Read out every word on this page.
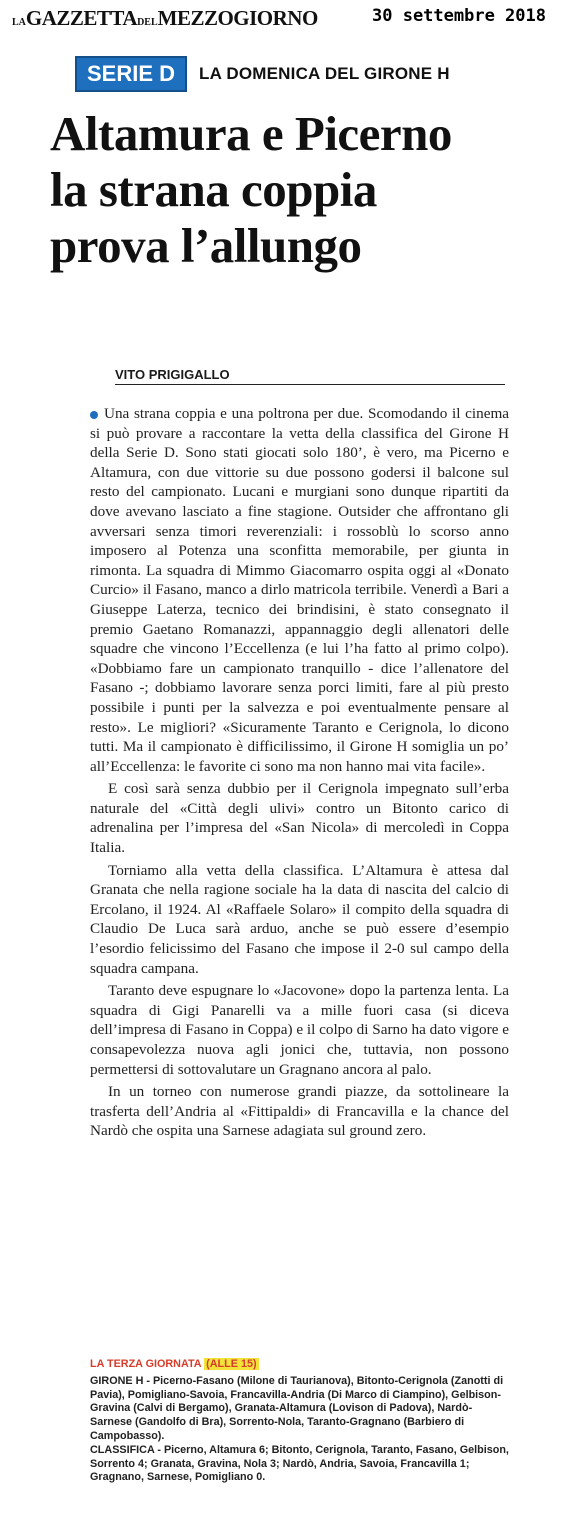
LAGAZZETTADELMEZZOGIORNO	30 settembre 2018
SERIE D	LA DOMENICA DEL GIRONE H
Altamura e Picerno
la strana coppia
prova l’allungo
VITO PRIGIGALLO

Una strana coppia e una poltrona per due. Scomodando il cinema si può provare a raccontare la vetta della classifica del Girone H della Serie D. Sono stati giocati solo 180’, è vero, ma Picerno e Altamura, con due vittorie su due possono godersi il balcone sul resto del campionato. Lucani e murgiani sono dunque ripartiti da dove avevano lasciato a fine stagione. Outsider che affrontano gli avversari senza timori reverenziali: i rossoblù lo scorso anno imposero al Potenza una sconfitta memorabile, per giunta in rimonta. La squadra di Mimmo Giacomarro ospita oggi al «Donato Curcio» il Fasano, manco a dirlo matricola terribile. Venerdì a Bari a Giuseppe Laterza, tecnico dei brindisini, è stato consegnato il premio Gaetano Romanazzi, appannaggio degli allenatori delle squadre che vincono l’Eccellenza (e lui l’ha fatto al primo colpo). «Dobbiamo fare un campionato tranquillo - dice l’allenatore del Fasano -; dobbiamo lavorare senza porci limiti, fare al più presto possibile i punti per la salvezza e poi eventualmente pensare al resto». Le migliori? «Sicuramente Taranto e Cerignola, lo dicono tutti. Ma il campionato è difficilissimo, il Girone H somiglia un po’ all’Eccellenza: le favorite ci sono ma non hanno mai vita facile».

E così sarà senza dubbio per il Cerignola impegnato sull’erba naturale del «Città degli ulivi» contro un Bitonto carico di adrenalina per l’impresa del «San Nicola» di mercoledì in Coppa Italia.

Torniamo alla vetta della classifica. L’Altamura è attesa dal Granata che nella ragione sociale ha la data di nascita del calcio di Ercolano, il 1924. Al «Raffaele Solaro» il compito della squadra di Claudio De Luca sarà arduo, anche se può essere d’esempio l’esordio felicissimo del Fasano che impose il 2-0 sul campo della squadra campana.

Taranto deve espugnare lo «Jacovone» dopo la partenza lenta. La squadra di Gigi Panarelli va a mille fuori casa (si diceva dell’impresa di Fasano in Coppa) e il colpo di Sarno ha dato vigore e consapevolezza nuova agli jonici che, tuttavia, non possono permettersi di sottovalutare un Gragnano ancora al palo.

In un torneo con numerose grandi piazze, da sottolineare la trasferta dell’Andria al «Fittipaldi» di Francavilla e la chance del Nardò che ospita una Sarnese adagiata sul ground zero.

LA TERZA GIORNATA (ALLE 15)

GIRONE H - Picerno-Fasano (Milone di Taurianova), Bitonto-Cerignola (Zanotti di Pavia), Pomigliano-Savoia, Francavilla-Andria (Di Marco di Ciampino), Gelbison-Gravina (Calvi di Bergamo), Granata-Altamura (Lovison di Padova), Nardò-Sarnese (Gandolfo di Bra), Sorrento-Nola, Taranto-Gragnano (Barbiero di Campobasso).

CLASSIFICA - Picerno, Altamura 6; Bitonto, Cerignola, Taranto, Fasano, Gelbison, Sorrento 4; Granata, Gravina, Nola 3; Nardò, Andria, Savoia, Francavilla 1; Gragnano, Sarnese, Pomigliano 0.
